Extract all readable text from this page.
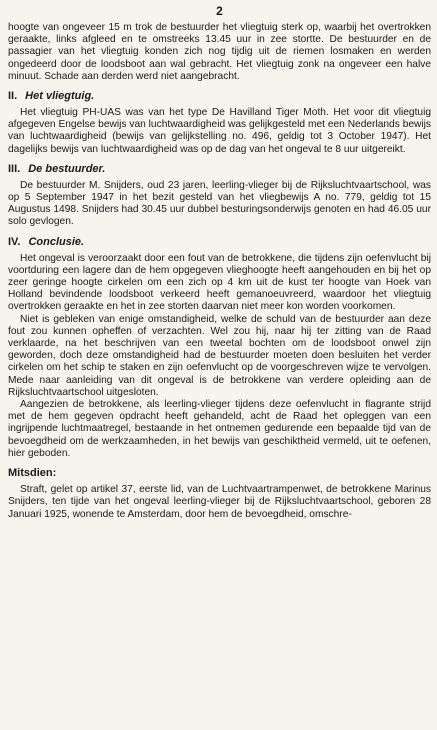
2

hoogte van ongeveer 15 m trok de bestuurder het vliegtuig sterk op, waarbij het overtrokken geraakte, links afgleed en te omstreeks 13.45 uur in zee stortte. De bestuurder en de passagier van het vliegtuig konden zich nog tijdig uit de riemen losmaken en werden ongedeerd door de loodsboot aan wal gebracht. Het vliegtuig zonk na ongeveer een halve minuut. Schade aan derden werd niet aangebracht.

II. Het vliegtuig.

Het vliegtuig PH-UAS was van het type De Havilland Tiger Moth. Het voor dit vliegtuig afgegeven Engelse bewijs van luchtwaardigheid was gelijkgesteld met een Nederlands bewijs van luchtwaardigheid (bewijs van gelijkstelling no. 496, geldig tot 3 October 1947). Het dagelijks bewijs van luchtwaardigheid was op de dag van het ongeval te 8 uur uitgereikt.

III. De bestuurder.

De bestuurder M. Snijders, oud 23 jaren, leerling-vlieger bij de Rijksluchtvaartschool, was op 5 September 1947 in het bezit gesteld van het vliegbewijs A no. 779, geldig tot 15 Augustus 1498. Snijders had 30.45 uur dubbel besturingsonderwijs genoten en had 46.05 uur solo gevlogen.

IV. Conclusie.

Het ongeval is veroorzaakt door een fout van de betrokkene, die tijdens zijn oefenvlucht bij voortduring een lagere dan de hem opgegeven vlieghoogte heeft aangehouden en bij het op zeer geringe hoogte cirkelen om een zich op 4 km uit de kust ter hoogte van Hoek van Holland bevindende loodsboot verkeerd heeft gemanoeuvreerd, waardoor het vliegtuig overtrokken geraakte en het in zee storten daarvan niet meer kon worden voorkomen.

Niet is gebleken van enige omstandigheid, welke de schuld van de bestuurder aan deze fout zou kunnen opheffen of verzachten. Wel zou hij, naar hij ter zitting van de Raad verklaarde, na het beschrijven van een tweetal bochten om de loodsboot onwel zijn geworden, doch deze omstandigheid had de bestuurder moeten doen besluiten het verder cirkelen om het schip te staken en zijn oefenvlucht op de voorgeschreven wijze te vervolgen. Mede naar aanleiding van dit ongeval is de betrokkene van verdere opleiding aan de Rijksluchtvaartschool uitgesloten.

Aangezien de betrokkene, als leerling-vlieger tijdens deze oefenvlucht in flagrante strijd met de hem gegeven opdracht heeft gehandeld, acht de Raad het opleggen van een ingrijpende luchtmaatregel, bestaande in het ontnemen gedurende een bepaalde tijd van de bevoegdheid om de werkzaamheden, in het bewijs van geschiktheid vermeld, uit te oefenen, hier geboden.

Mitsdien:

Straft, gelet op artikel 37, eerste lid, van de Luchtvaartrampenwet, de betrokkene Marinus Snijders, ten tijde van het ongeval leerling-vlieger bij de Rijksluchtvaartschool, geboren 28 Januari 1925, wonende te Amsterdam, door hem de bevoegdheid, omschre-
